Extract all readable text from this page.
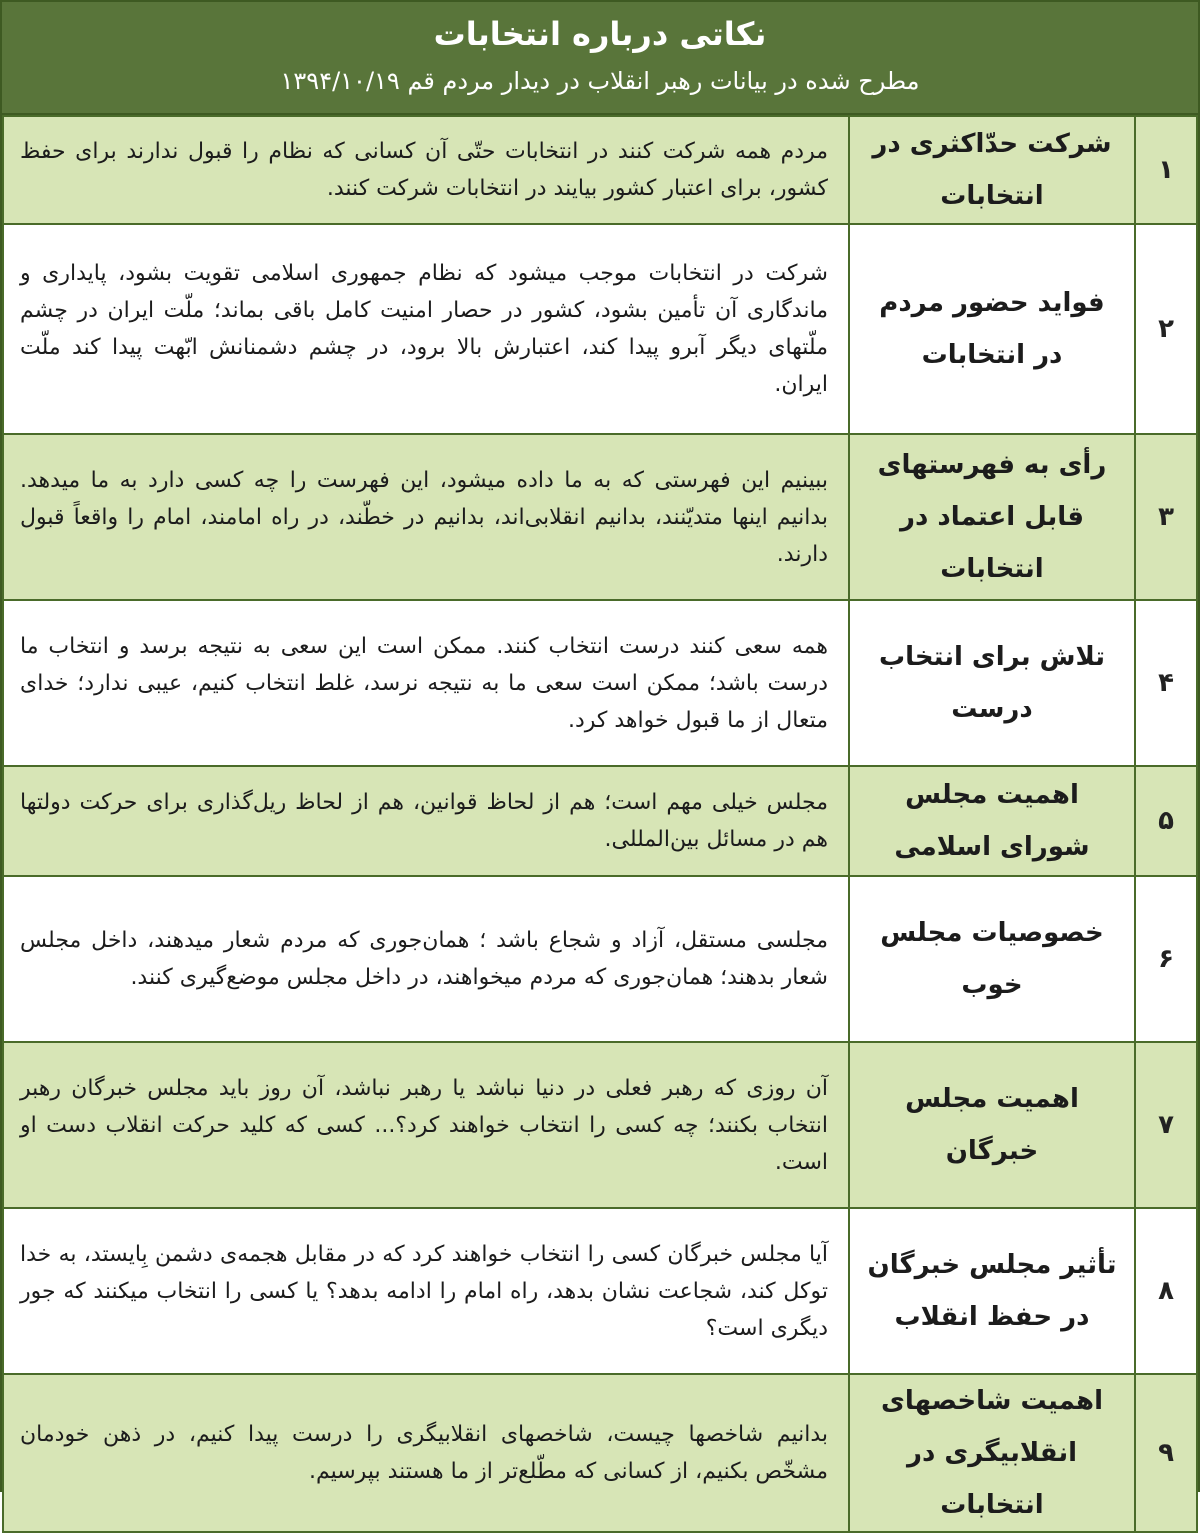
نکاتی درباره انتخابات
مطرح شده در بیانات رهبر انقلاب در دیدار مردم قم ۱۳۹۴/۱۰/۱۹
۱	شرکت حدّاکثری در انتخابات	مردم همه شرکت کنند در انتخابات حتّی آن کسانی که نظام را قبول ندارند برای حفظ کشور، برای اعتبار کشور بیایند در انتخابات شرکت کنند.
۲	فواید حضور مردم در انتخابات	شرکت در انتخابات موجب میشود که نظام جمهوری اسلامی تقویت بشود، پایداری و ماندگاری آن تأمین بشود، کشور در حصار امنیت کامل باقی بماند؛ ملّت ایران در چشم ملّتهای دیگر آبرو پیدا کند، اعتبارش بالا برود، در چشم دشمنانش ابّهت پیدا کند ملّت ایران.
۳	رأی به فهرستهای قابل اعتماد در انتخابات	ببینیم این فهرستی که به ما داده میشود، این فهرست را چه کسی دارد به ما میدهد. بدانیم اینها متدیّنند، بدانیم انقلابی‌اند، بدانیم در خطّند، در راه امامند، امام را واقعاً قبول دارند.
۴	تلاش برای انتخاب درست	همه سعی کنند درست انتخاب کنند. ممکن است این سعی به نتیجه برسد و انتخاب ما درست باشد؛ ممکن است سعی ما به نتیجه نرسد، غلط انتخاب کنیم، عیبی ندارد؛ خدای متعال از ما قبول خواهد کرد.
۵	اهمیت مجلس شورای اسلامی	مجلس خیلی مهم است؛ هم از لحاظ قوانین، هم از لحاظ ریل‌گذاری برای حرکت دولتها هم در مسائل بین‌المللی.
۶	خصوصیات مجلس خوب	مجلسی مستقل، آزاد و شجاع باشد ؛ همان‌جوری که مردم شعار میدهند، داخل مجلس شعار بدهند؛ همان‌جوری که مردم میخواهند، در داخل مجلس موضع‌گیری کنند.
۷	اهمیت مجلس خبرگان	آن روزی که رهبر فعلی در دنیا نباشد یا رهبر نباشد، آن روز باید مجلس خبرگان رهبر انتخاب بکنند؛ چه کسی را انتخاب خواهند کرد؟... کسی که کلید حرکت انقلاب دست او است.
۸	تأثیر مجلس خبرگان در حفظ انقلاب	آیا مجلس خبرگان کسی را انتخاب خواهند کرد که در مقابل هجمه‌ی دشمن بِایستد، به خدا توکل کند، شجاعت نشان بدهد، راه امام را ادامه بدهد؟ یا کسی را انتخاب میکنند که جور دیگری است؟
۹	اهمیت شاخصهای انقلابیگری در انتخابات	بدانیم شاخصها چیست، شاخصهای انقلابیگری را درست پیدا کنیم، در ذهن خودمان مشخّص بکنیم، از کسانی که مطّلع‌تر از ما هستند بپرسیم.
